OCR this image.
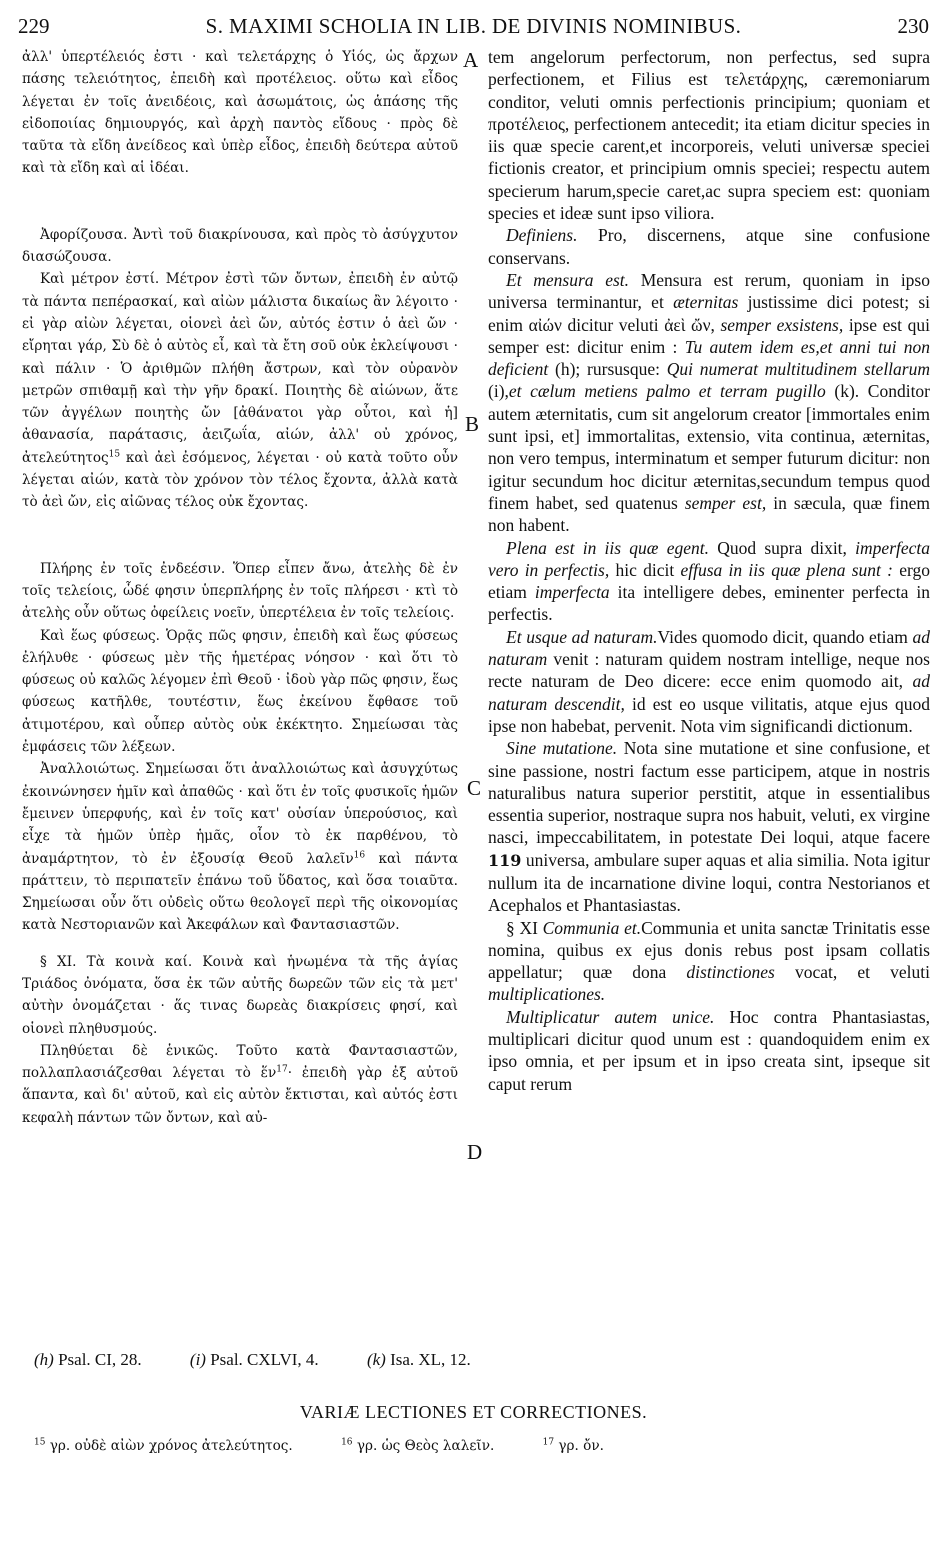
229	S. MAXIMI SCHOLIA IN LIB. DE DIVINIS NOMINIBUS.	230
A
B
C
D

ἀλλ' ὑπερτέλειός ἐστι · καὶ τελετάρχης ὁ Υἱός, ὡς ἄρχων πάσης τελειότητος, ἐπειδὴ καὶ προτέλειος. οὕτω καὶ εἶδος λέγεται ἐν τοῖς ἀνειδέοις, καὶ ἀσωμάτοις, ὡς ἁπάσης τῆς εἰδοποιίας δημιουργός, καὶ ἀρχὴ παντὸς εἴδους · πρὸς δὲ ταῦτα τὰ εἴδη ἀνείδεος καὶ ὑπὲρ εἶδος, ἐπειδὴ δεύτερα αὐτοῦ καὶ τὰ εἴδη καὶ αἱ ἰδέαι.

Ἀφορίζουσα. Ἀντὶ τοῦ διακρίνουσα, καὶ πρὸς τὸ ἀσύγχυτον διασώζουσα.

Καὶ μέτρον ἐστί. Μέτρον ἐστὶ τῶν ὄντων, ἐπειδὴ ἐν αὐτῷ τὰ πάντα πεπέρασκαί, καὶ αἰὼν μάλιστα δικαίως ἂν λέγοιτο · εἰ γὰρ αἰὼν λέγεται, οἱονεὶ ἀεὶ ὤν, αὐτός ἐστιν ὁ ἀεὶ ὤν · εἴρηται γάρ, Σὺ δὲ ὁ αὐτὸς εἶ, καὶ τὰ ἔτη σοῦ οὐκ ἐκλείψουσι · καὶ πάλιν · Ὁ ἀριθμῶν πλήθη ἄστρων, καὶ τὸν οὐρανὸν μετρῶν σπιθαμῇ καὶ τὴν γῆν δρακί. Ποιητὴς δὲ αἰώνων, ἅτε τῶν ἀγγέλων ποιητὴς ὤν [ἀθάνατοι γὰρ οὗτοι, καὶ ἡ] ἀθανασία, παράτασις, ἀειζωΐα, αἰών, ἀλλ' οὐ χρόνος, ἀτελεύτητος$^{15}$ καὶ ἀεὶ ἐσόμενος, λέγεται · οὐ κατὰ τοῦτο οὖν λέγεται αἰών, κατὰ τὸν χρόνον τὸν τέλος ἔχοντα, ἀλλὰ κατὰ τὸ ἀεὶ ὤν, εἰς αἰῶνας τέλος οὐκ ἔχοντας.

Πλήρης ἐν τοῖς ἐνδεέσιν. Ὅπερ εἶπεν ἄνω, ἀτελὴς δὲ ἐν τοῖς τελείοις, ὧδέ φησιν ὑπερπλήρης ἐν τοῖς πλήρεσι · κτὶ τὸ ἀτελὴς οὖν οὕτως ὀφείλεις νοεῖν, ὑπερτέλεια ἐν τοῖς τελείοις.

Καὶ ἕως φύσεως. Ὁρᾷς πῶς φησιν, ἐπειδὴ καὶ ἕως φύσεως ἐλήλυθε · φύσεως μὲν τῆς ἡμετέρας νόησον · καὶ ὅτι τὸ φύσεως οὐ καλῶς λέγομεν ἐπὶ Θεοῦ · ἰδοὺ γὰρ πῶς φησιν, ἕως φύσεως κατῆλθε, τουτέστιν, ἕως ἐκείνου ἔφθασε τοῦ ἀτιμοτέρου, καὶ οὗπερ αὐτὸς οὐκ ἐκέκτητο. Σημείωσαι τὰς ἐμφάσεις τῶν λέξεων.

Ἀναλλοιώτως. Σημείωσαι ὅτι ἀναλλοιώτως καὶ ἀσυγχύτως ἐκοινώνησεν ἡμῖν καὶ ἀπαθῶς · καὶ ὅτι ἐν τοῖς φυσικοῖς ἡμῶν ἔμεινεν ὑπερφυής, καὶ ἐν τοῖς κατ' οὐσίαν ὑπερούσιος, καὶ εἶχε τὰ ἡμῶν ὑπὲρ ἡμᾶς, οἷον τὸ ἐκ παρθένου, τὸ ἀναμάρτητον, τὸ ἐν ἐξουσίᾳ Θεοῦ λαλεῖν$^{16}$ καὶ πάντα πράττειν, τὸ περιπατεῖν ἐπάνω τοῦ ὕδατος, καὶ ὅσα τοιαῦτα. Σημείωσαι οὖν ὅτι οὐδεὶς οὕτω θεολογεῖ περὶ τῆς οἰκονομίας κατὰ Νεστοριανῶν καὶ Ἀκεφάλων καὶ Φαντασιαστῶν.

§ XI. Τὰ κοινὰ καί. Κοινὰ καὶ ἡνωμένα τὰ τῆς ἁγίας Τριάδος ὀνόματα, ὅσα ἐκ τῶν αὐτῆς δωρεῶν τῶν εἰς τὰ μετ' αὐτὴν ὀνομάζεται · ἅς τινας δωρεὰς διακρίσεις φησί, καὶ οἱονεὶ πληθυσμούς.

Πληθύεται δὲ ἑνικῶς. Τοῦτο κατὰ Φαντασιαστῶν, πολλαπλασιάζεσθαι λέγεται τὸ ἕν$^{17}$· ἐπειδὴ γὰρ ἐξ αὐτοῦ ἅπαντα, καὶ δι' αὐτοῦ, καὶ εἰς αὐτὸν ἔκτισται, καὶ αὐτός ἐστι κεφαλὴ πάντων τῶν ὄντων, καὶ αὐ-

tem angelorum perfectorum, non perfectus, sed supra perfectionem, et Filius est τελετάρχης, cæremoniarum conditor, veluti omnis perfectionis principium; quoniam et προτέλειος, perfectionem antecedit; ita etiam dicitur species in iis quæ specie carent,et incorporeis, veluti universæ speciei fictionis creator, et principium omnis speciei; respectu autem specierum harum,specie caret,ac supra speciem est: quoniam species et ideæ sunt ipso viliora.

Definiens. Pro, discernens, atque sine confusione conservans.

Et mensura est. Mensura est rerum, quoniam in ipso universa terminantur, et æternitas justissime dici potest; si enim αἰών dicitur veluti ἀεὶ ὤν, semper exsistens, ipse est qui semper est: dicitur enim : Tu autem idem es,et anni tui non deficient (h); rursusque: Qui numerat multitudinem stellarum (i),et cælum metiens palmo et terram pugillo (k). Conditor autem æternitatis, cum sit angelorum creator [immortales enim sunt ipsi, et] immortalitas, extensio, vita continua, æternitas, non vero tempus, interminatum et semper futurum dicitur: non igitur secundum hoc dicitur æternitas,secundum tempus quod finem habet, sed quatenus semper est, in sæcula, quæ finem non habent.

Plena est in iis quæ egent. Quod supra dixit, imperfecta vero in perfectis, hic dicit effusa in iis quæ plena sunt : ergo etiam imperfecta ita intelligere debes, eminenter perfecta in perfectis.

Et usque ad naturam.Vides quomodo dicit, quando etiam ad naturam venit : naturam quidem nostram intellige, neque nos recte naturam de Deo dicere: ecce enim quomodo ait, ad naturam descendit, id est eo usque vilitatis, atque ejus quod ipse non habebat, pervenit. Nota vim significandi dictionum.

Sine mutatione. Nota sine mutatione et sine confusione, et sine passione, nostri factum esse participem, atque in nostris naturalibus natura superior perstitit, atque in essentialibus essentia superior, nostraque supra nos habuit, veluti, ex virgine nasci, impeccabilitatem, in potestate Dei loqui, atque facere 119 universa, ambulare super aquas et alia similia. Nota igitur nullum ita de incarnatione divine loqui, contra Nestorianos et Acephalos et Phantasiastas.

§ XI Communia et.Communia et unita sanctæ Trinitatis esse nomina, quibus ex ejus donis rebus post ipsam collatis appellatur; quæ dona distinctiones vocat, et veluti multiplicationes.

Multiplicatur autem unice. Hoc contra Phantasiastas, multiplicari dicitur quod unum est : quandoquidem enim ex ipso omnia, et per ipsum et in ipso creata sint, ipseque sit caput rerum

(h) Psal. CI, 28.	(i) Psal. CXLVI, 4.	(k) Isa. XL, 12.
VARIÆ LECTIONES ET CORRECTIONES.
$^{15}$ γρ. οὐδὲ αἰὼν χρόνος ἀτελεύτητος.	$^{16}$ γρ. ὡς Θεὸς λαλεῖν.	$^{17}$ γρ. ὄν.
